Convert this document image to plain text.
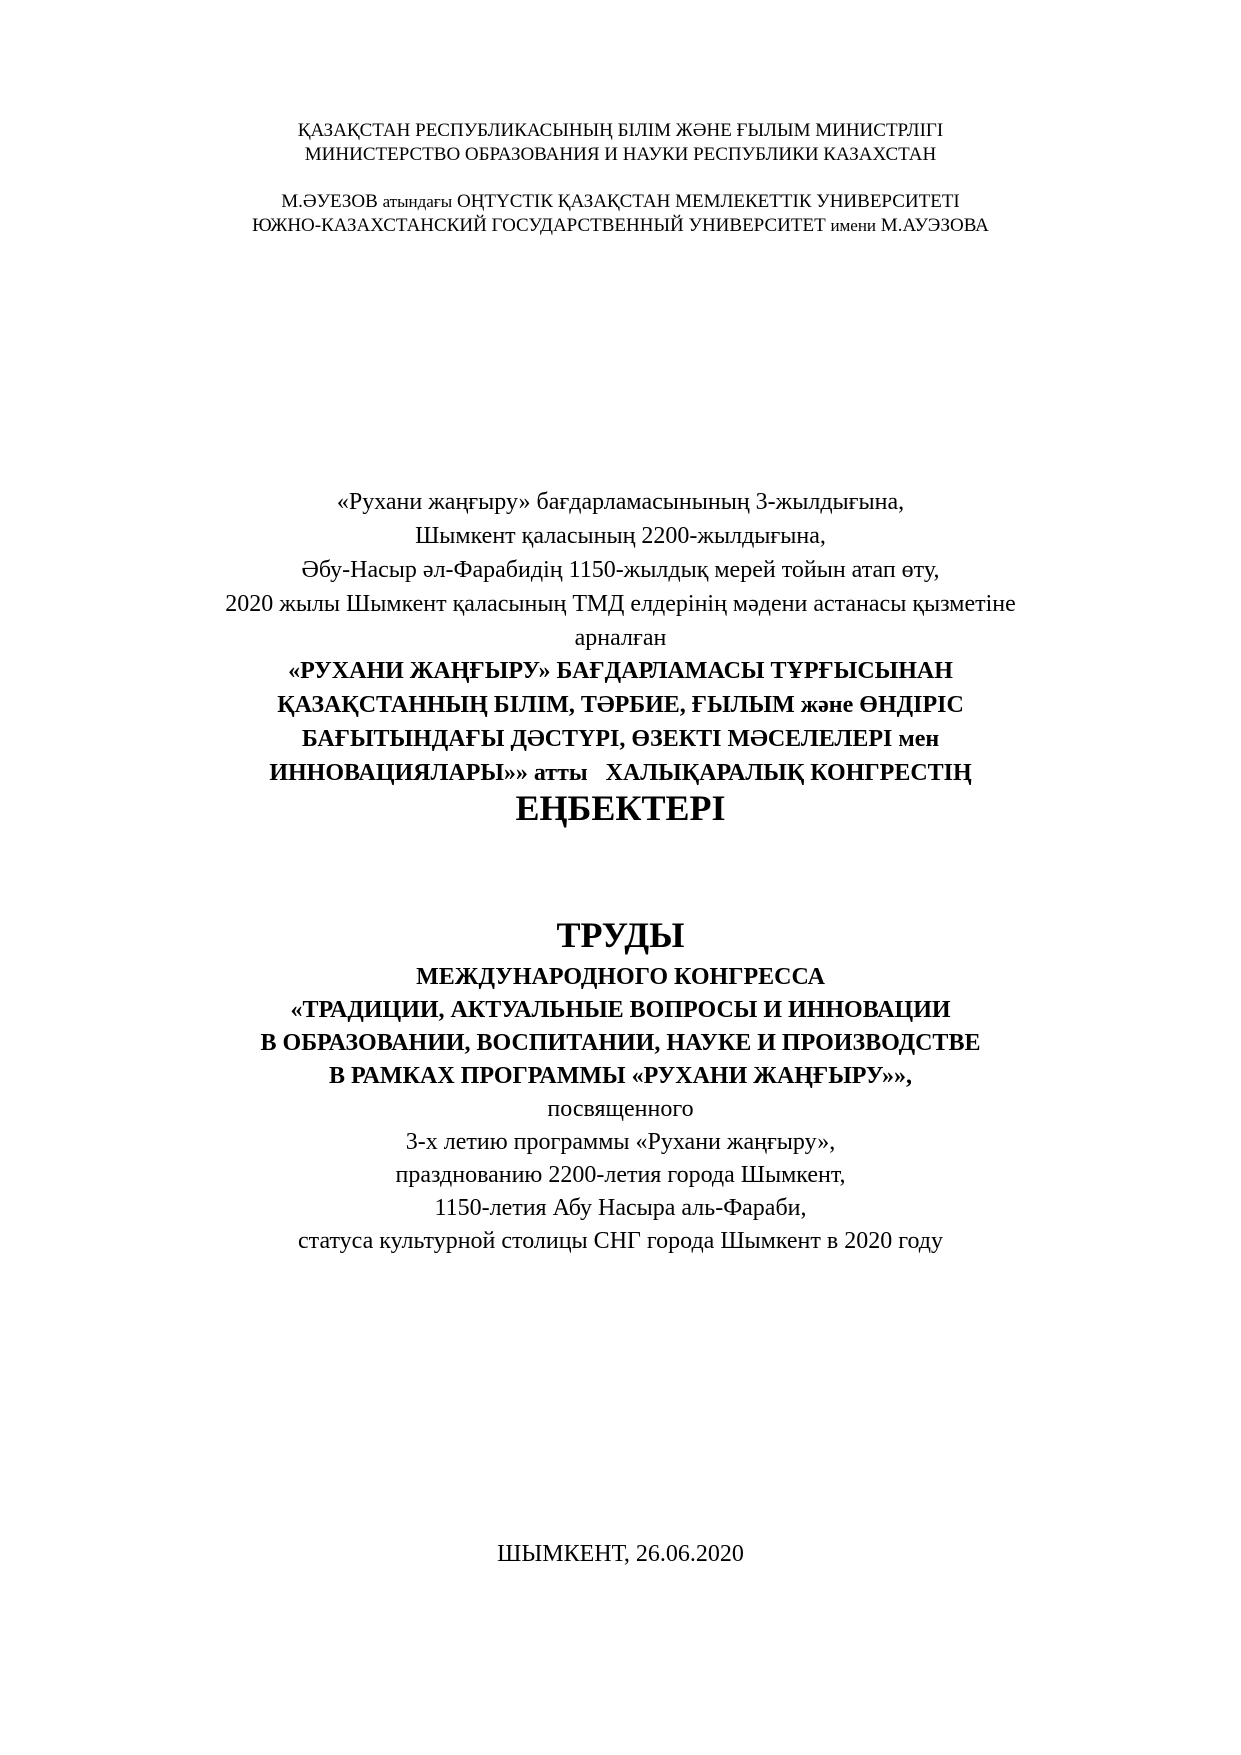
ҚАЗАҚСТАН РЕСПУБЛИКАСЫНЫҢ БІЛІМ ЖӘНЕ ҒЫЛЫМ МИНИСТРЛІГІ
МИНИСТЕРСТВО ОБРАЗОВАНИЯ И НАУКИ РЕСПУБЛИКИ КАЗАХСТАН
М.ӘУЕЗОВ атындағы ОҢТҮСТІК ҚАЗАҚСТАН МЕМЛЕКЕТТІК УНИВЕРСИТЕТІ
ЮЖНО-КАЗАХСТАНСКИЙ ГОСУДАРСТВЕННЫЙ УНИВЕРСИТЕТ имени М.АУЭЗОВА
«Рухани жаңғыру» бағдарламасынының 3-жылдығына,
Шымкент қаласының 2200-жылдығына,
Әбу-Насыр әл-Фарабидің 1150-жылдық мерей тойын атап өту,
2020 жылы Шымкент қаласының ТМД елдерінің мәдени астанасы қызметіне
арналған
«РУХАНИ ЖАҢҒЫРУ» БАҒДАРЛАМАСЫ ТҰРҒЫСЫНАН
ҚАЗАҚСТАННЫҢ БІЛІМ, ТӘРБИЕ, ҒЫЛЫМ және ӨНДІРІС
БАҒЫТЫНДАҒЫ ДӘСТҮРІ, ӨЗЕКТІ МӘСЕЛЕЛЕРІ мен
ИННОВАЦИЯЛАРЫ»» атты   ХАЛЫҚАРАЛЫҚ КОНГРЕСТІҢ
ЕҢБЕКТЕРІ
ТРУДЫ
МЕЖДУНАРОДНОГО КОНГРЕССА
«ТРАДИЦИИ, АКТУАЛЬНЫЕ ВОПРОСЫ И ИННОВАЦИИ
В ОБРАЗОВАНИИ, ВОСПИТАНИИ, НАУКЕ И ПРОИЗВОДСТВЕ
В РАМКАХ ПРОГРАММЫ «РУХАНИ ЖАҢҒЫРУ»»,
посвященного
3-х летию программы «Рухани жаңғыру»,
празднованию 2200-летия города Шымкент,
1150-летия Абу Насыра аль-Фараби,
статуса культурной столицы СНГ города Шымкент в 2020 году
ШЫМКЕНТ, 26.06.2020
